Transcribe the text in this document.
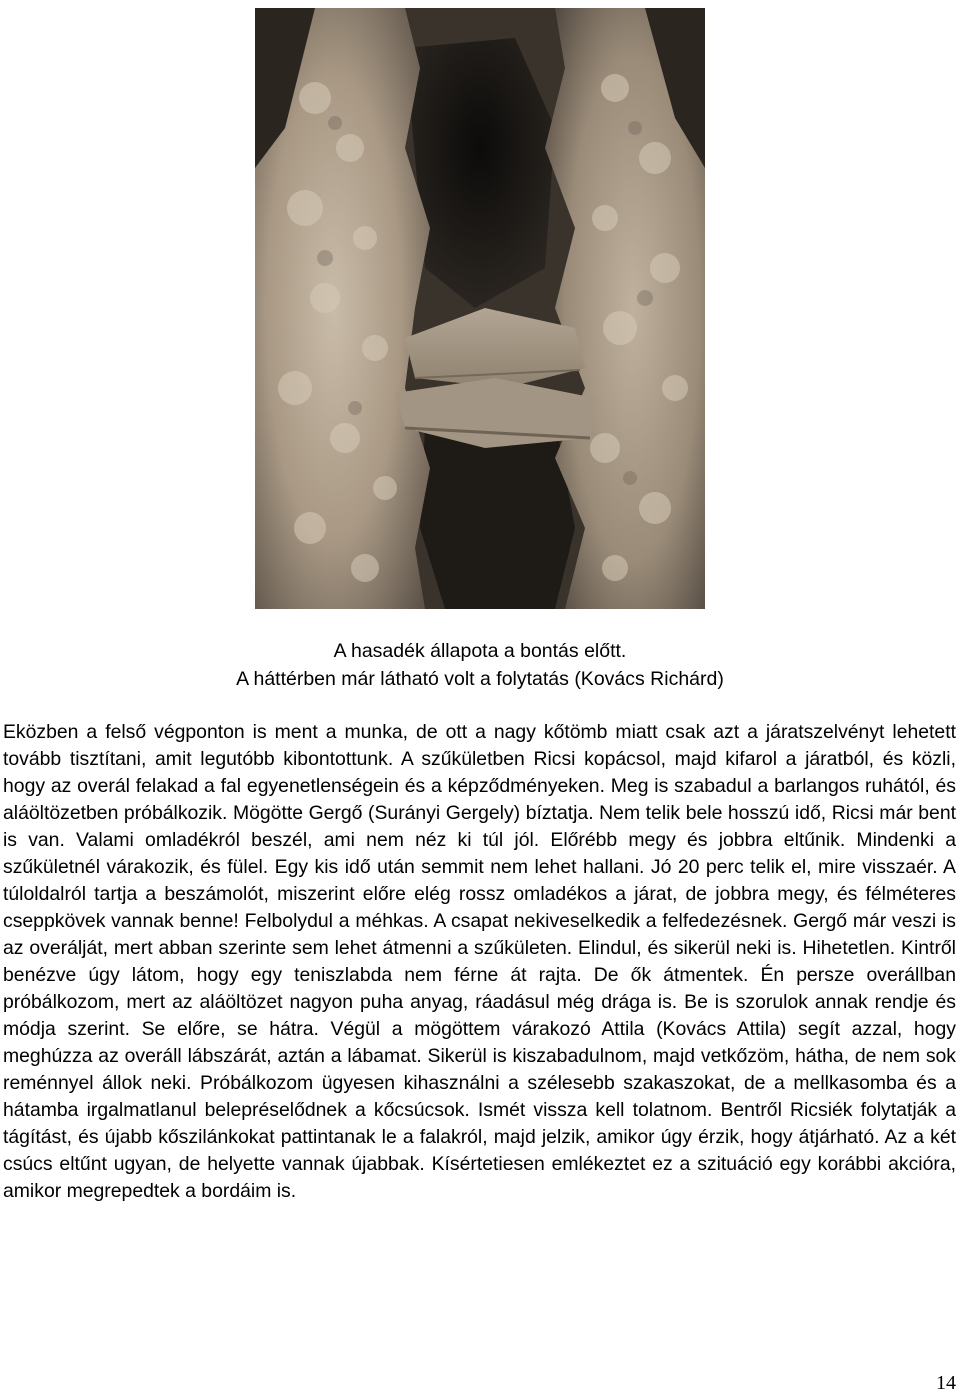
A hasadék állapota a bontás előtt.
A háttérben már látható volt a folytatás (Kovács Richárd)

Eközben a felső végponton is ment a munka, de ott a nagy kőtömb miatt csak azt a járatszelvényt lehetett tovább tisztítani, amit legutóbb kibontottunk. A szűkületben Ricsi kopácsol, majd kifarol a járatból, és közli, hogy az overál felakad a fal egyenetlenségein és a képződményeken. Meg is szabadul a barlangos ruhától, és aláöltözetben próbálkozik. Mögötte Gergő (Surányi Gergely) bíztatja. Nem telik bele hosszú idő, Ricsi már bent is van. Valami omladékról beszél, ami nem néz ki túl jól. Előrébb megy és jobbra eltűnik. Mindenki a szűkületnél várakozik, és fülel. Egy kis idő után semmit nem lehet hallani. Jó 20 perc telik el, mire visszaér. A túloldalról tartja a beszámolót, miszerint előre elég rossz omladékos a járat, de jobbra megy, és félméteres cseppkövek vannak benne! Felbolydul a méhkas. A csapat nekiveselkedik a felfedezésnek. Gergő már veszi is az overálját, mert abban szerinte sem lehet átmenni a szűkületen. Elindul, és sikerül neki is. Hihetetlen. Kintről benézve úgy látom, hogy egy teniszlabda nem férne át rajta. De ők átmentek. Én persze overállban próbálkozom, mert az aláöltözet nagyon puha anyag, ráadásul még drága is. Be is szorulok annak rendje és módja szerint. Se előre, se hátra. Végül a mögöttem várakozó Attila (Kovács Attila) segít azzal, hogy meghúzza az overáll lábszárát, aztán a lábamat. Sikerül is kiszabadulnom, majd vetkőzöm, hátha, de nem sok reménnyel állok neki. Próbálkozom ügyesen kihasználni a szélesebb szakaszokat, de a mellkasomba és a hátamba irgalmatlanul belepréselődnek a kőcsúcsok. Ismét vissza kell tolatnom. Bentről Ricsiék folytatják a tágítást, és újabb kőszilánkokat pattintanak le a falakról, majd jelzik, amikor úgy érzik, hogy átjárható. Az a két csúcs eltűnt ugyan, de helyette vannak újabbak. Kísértetiesen emlékeztet ez a szituáció egy korábbi akcióra, amikor megrepedtek a bordáim is.

14
